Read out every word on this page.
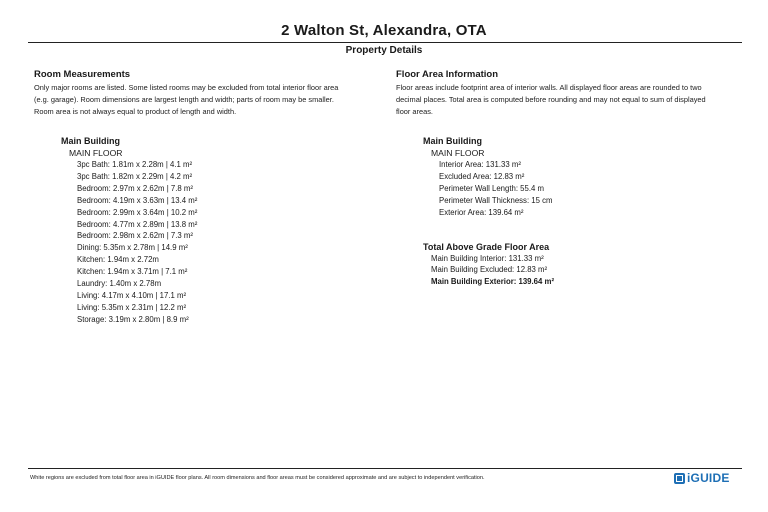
2 Walton St, Alexandra, OTA
Property Details
Room Measurements
Only major rooms are listed. Some listed rooms may be excluded from total interior floor area
(e.g. garage). Room dimensions are largest length and width; parts of room may be smaller.
Room area is not always equal to product of length and width.
Main Building
MAIN FLOOR
3pc Bath: 1.81m x 2.28m | 4.1 m²
3pc Bath: 1.82m x 2.29m | 4.2 m²
Bedroom: 2.97m x 2.62m | 7.8 m²
Bedroom: 4.19m x 3.63m | 13.4 m²
Bedroom: 2.99m x 3.64m | 10.2 m²
Bedroom: 4.77m x 2.89m | 13.8 m²
Bedroom: 2.98m x 2.62m | 7.3 m²
Dining: 5.35m x 2.78m | 14.9 m²
Kitchen: 1.94m x 2.72m
Kitchen: 1.94m x 3.71m | 7.1 m²
Laundry: 1.40m x 2.78m
Living: 4.17m x 4.10m | 17.1 m²
Living: 5.35m x 2.31m | 12.2 m²
Storage: 3.19m x 2.80m | 8.9 m²
Floor Area Information
Floor areas include footprint area of interior walls. All displayed floor areas are rounded to two
decimal places. Total area is computed before rounding and may not equal to sum of displayed
floor areas.
Main Building
MAIN FLOOR
Interior Area: 131.33 m²
Excluded Area: 12.83 m²
Perimeter Wall Length: 55.4 m
Perimeter Wall Thickness: 15 cm
Exterior Area: 139.64 m²
Total Above Grade Floor Area
Main Building Interior: 131.33 m²
Main Building Excluded: 12.83 m²
Main Building Exterior: 139.64 m²
White regions are excluded from total floor area in iGUIDE floor plans. All room dimensions and floor areas must be considered approximate and are subject to independent verification.	iGUIDE
